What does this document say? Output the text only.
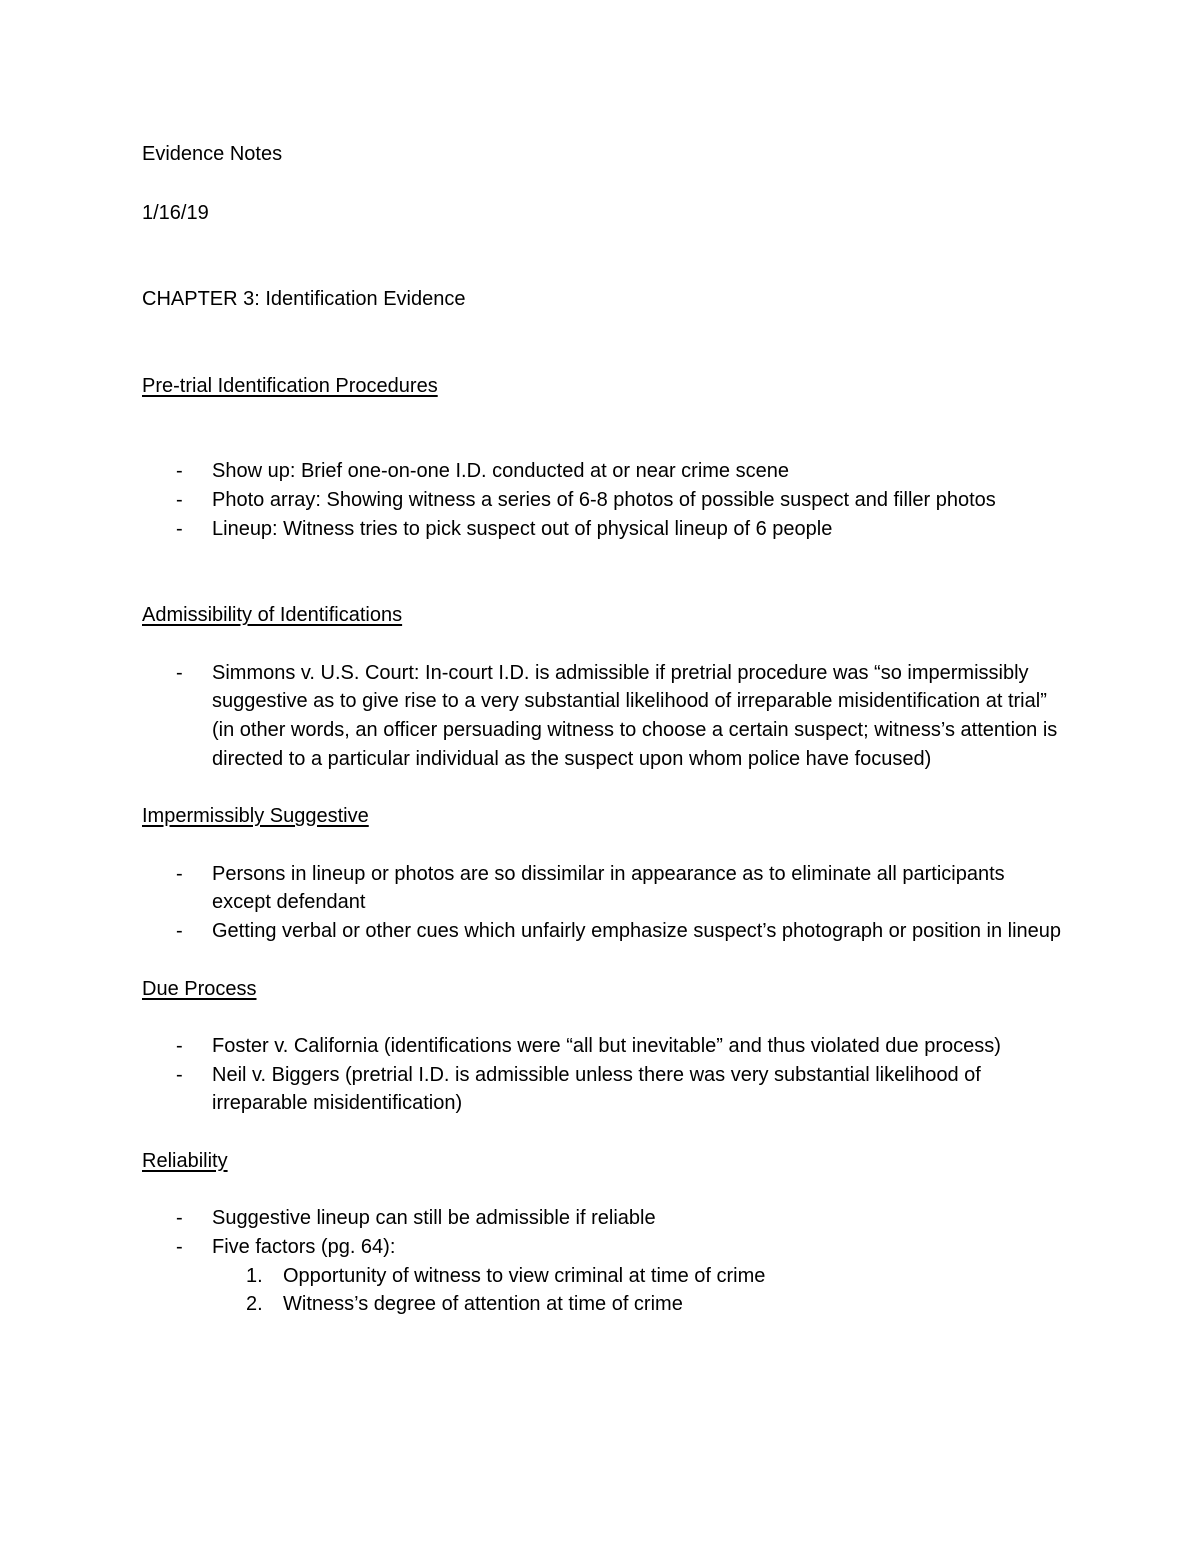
Evidence Notes

1/16/19

CHAPTER 3: Identification Evidence

Pre-trial Identification Procedures

- Show up: Brief one-on-one I.D. conducted at or near crime scene
- Photo array: Showing witness a series of 6-8 photos of possible suspect and filler photos
- Lineup: Witness tries to pick suspect out of physical lineup of 6 people

Admissibility of Identifications

- Simmons v. U.S. Court: In-court I.D. is admissible if pretrial procedure was “so impermissibly suggestive as to give rise to a very substantial likelihood of irreparable misidentification at trial” (in other words, an officer persuading witness to choose a certain suspect; witness’s attention is directed to a particular individual as the suspect upon whom police have focused)

Impermissibly Suggestive

- Persons in lineup or photos are so dissimilar in appearance as to eliminate all participants except defendant
- Getting verbal or other cues which unfairly emphasize suspect’s photograph or position in lineup

Due Process

- Foster v. California (identifications were “all but inevitable” and thus violated due process)
- Neil v. Biggers (pretrial I.D. is admissible unless there was very substantial likelihood of irreparable misidentification)

Reliability

- Suggestive lineup can still be admissible if reliable
- Five factors (pg. 64):
1. Opportunity of witness to view criminal at time of crime
2. Witness’s degree of attention at time of crime
